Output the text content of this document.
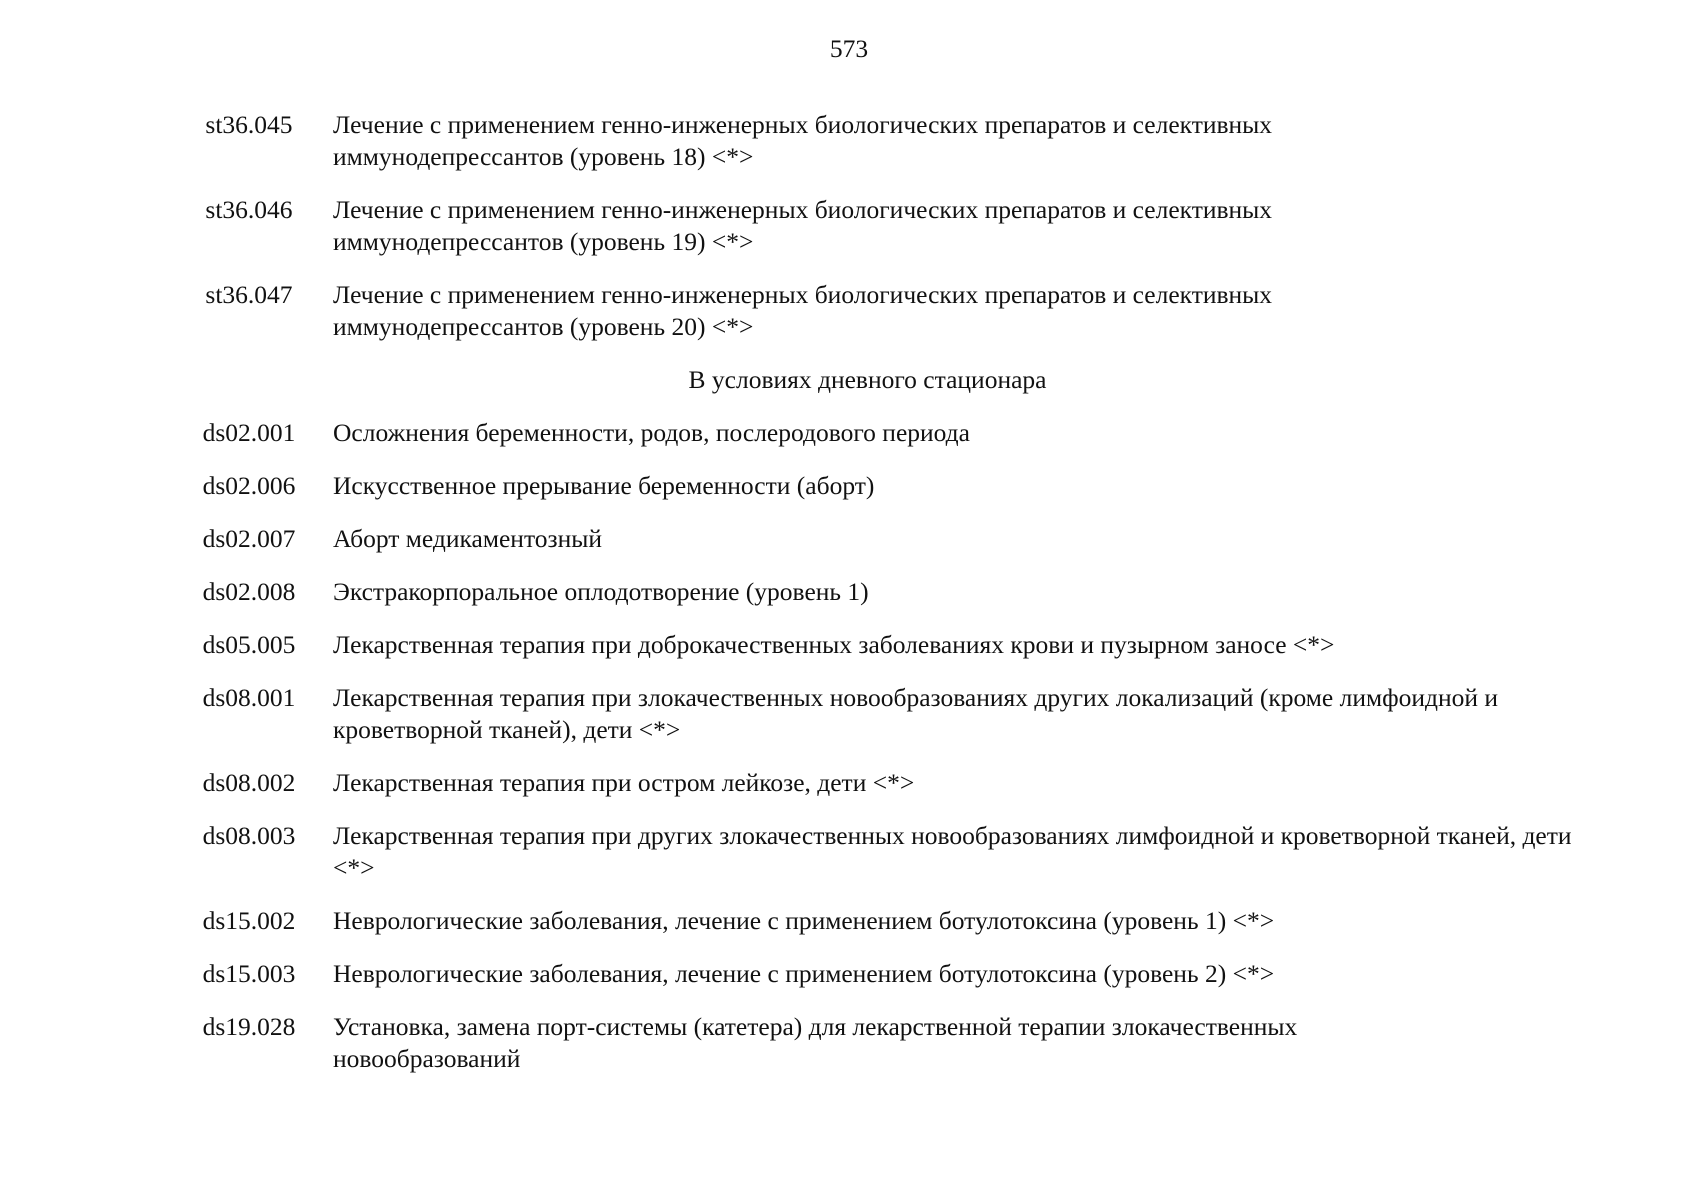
573
st36.045	Лечение с применением генно-инженерных биологических препаратов и селективных иммунодепрессантов (уровень 18) <*>
st36.046	Лечение с применением генно-инженерных биологических препаратов и селективных иммунодепрессантов (уровень 19) <*>
st36.047	Лечение с применением генно-инженерных биологических препаратов и селективных иммунодепрессантов (уровень 20) <*>
В условиях дневного стационара
ds02.001	Осложнения беременности, родов, послеродового периода
ds02.006	Искусственное прерывание беременности (аборт)
ds02.007	Аборт медикаментозный
ds02.008	Экстракорпоральное оплодотворение (уровень 1)
ds05.005	Лекарственная терапия при доброкачественных заболеваниях крови и пузырном заносе <*>
ds08.001	Лекарственная терапия при злокачественных новообразованиях других локализаций (кроме лимфоидной и кроветворной тканей), дети <*>
ds08.002	Лекарственная терапия при остром лейкозе, дети <*>
ds08.003	Лекарственная терапия при других злокачественных новообразованиях лимфоидной и кроветворной тканей, дети <*>
ds15.002	Неврологические заболевания, лечение с применением ботулотоксина (уровень 1) <*>
ds15.003	Неврологические заболевания, лечение с применением ботулотоксина (уровень 2) <*>
ds19.028	Установка, замена порт-системы (катетера) для лекарственной терапии злокачественных новообразований
